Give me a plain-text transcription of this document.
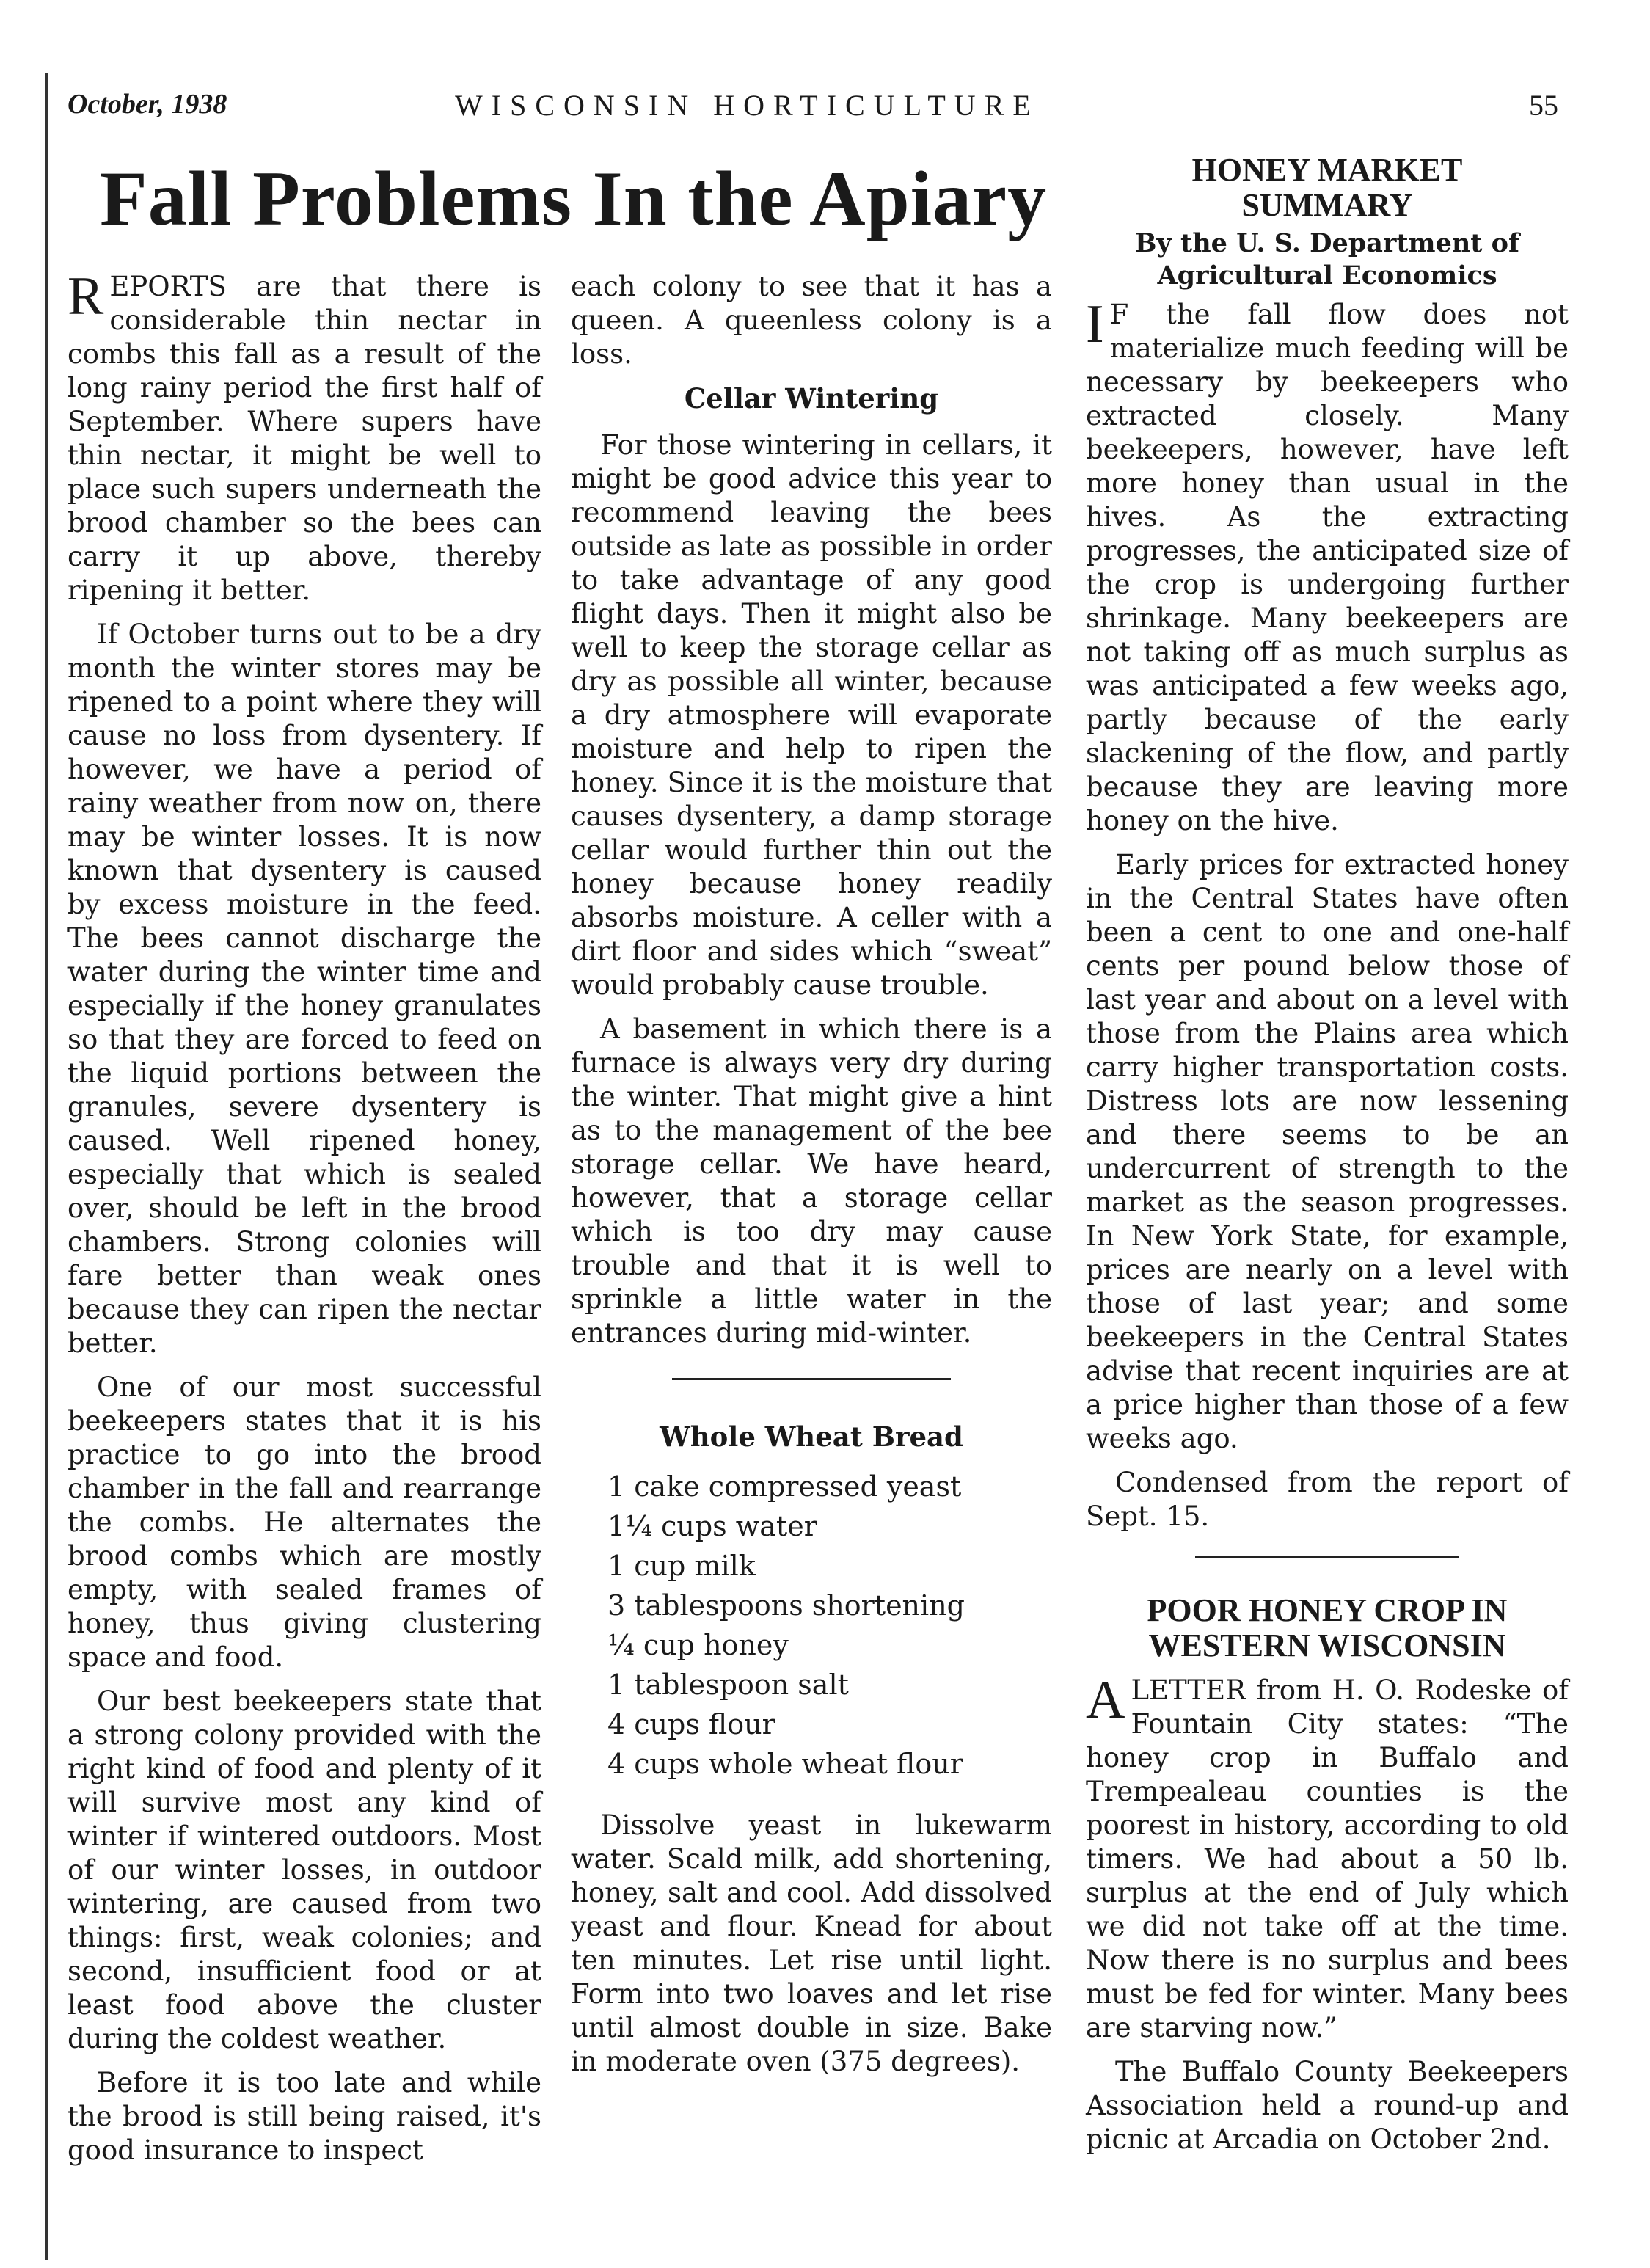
October, 1938	WISCONSIN HORTICULTURE	55
Fall Problems In the Apiary

REPORTS are that there is considerable thin nectar in combs this fall as a result of the long rainy period the first half of September. Where supers have thin nectar, it might be well to place such supers underneath the brood chamber so the bees can carry it up above, thereby ripening it better.

If October turns out to be a dry month the winter stores may be ripened to a point where they will cause no loss from dysentery. If however, we have a period of rainy weather from now on, there may be winter losses. It is now known that dysentery is caused by excess moisture in the feed. The bees cannot discharge the water during the winter time and especially if the honey granulates so that they are forced to feed on the liquid portions between the granules, severe dysentery is caused. Well ripened honey, especially that which is sealed over, should be left in the brood chambers. Strong colonies will fare better than weak ones because they can ripen the nectar better.

One of our most successful beekeepers states that it is his practice to go into the brood chamber in the fall and rearrange the combs. He alternates the brood combs which are mostly empty, with sealed frames of honey, thus giving clustering space and food.

Our best beekeepers state that a strong colony provided with the right kind of food and plenty of it will survive most any kind of winter if wintered outdoors. Most of our winter losses, in outdoor wintering, are caused from two things: first, weak colonies; and second, insufficient food or at least food above the cluster during the coldest weather.

Before it is too late and while the brood is still being raised, it's good insurance to inspect

each colony to see that it has a queen. A queenless colony is a loss.

Cellar Wintering

For those wintering in cellars, it might be good advice this year to recommend leaving the bees outside as late as possible in order to take advantage of any good flight days. Then it might also be well to keep the storage cellar as dry as possible all winter, because a dry atmosphere will evaporate moisture and help to ripen the honey. Since it is the moisture that causes dysentery, a damp storage cellar would further thin out the honey because honey readily absorbs moisture. A celler with a dirt floor and sides which “sweat” would probably cause trouble.

A basement in which there is a furnace is always very dry during the winter. That might give a hint as to the management of the bee storage cellar. We have heard, however, that a storage cellar which is too dry may cause trouble and that it is well to sprinkle a little water in the entrances during mid-winter.

Whole Wheat Bread
1 cake compressed yeast
1¼ cups water
1 cup milk
3 tablespoons shortening
¼ cup honey
1 tablespoon salt
4 cups flour
4 cups whole wheat flour

Dissolve yeast in lukewarm water. Scald milk, add shortening, honey, salt and cool. Add dissolved yeast and flour. Knead for about ten minutes. Let rise until light. Form into two loaves and let rise until almost double in size. Bake in moderate oven (375 degrees).

HONEY MARKET
SUMMARY
By the U. S. Department of
Agricultural Economics

I F the fall flow does not materialize much feeding will be necessary by beekeepers who extracted closely. Many beekeepers, however, have left more honey than usual in the hives. As the extracting progresses, the anticipated size of the crop is undergoing further shrinkage. Many beekeepers are not taking off as much surplus as was anticipated a few weeks ago, partly because of the early slackening of the flow, and partly because they are leaving more honey on the hive.

Early prices for extracted honey in the Central States have often been a cent to one and one-half cents per pound below those of last year and about on a level with those from the Plains area which carry higher transportation costs. Distress lots are now lessening and there seems to be an undercurrent of strength to the market as the season progresses. In New York State, for example, prices are nearly on a level with those of last year; and some beekeepers in the Central States advise that recent inquiries are at a price higher than those of a few weeks ago.

Condensed from the report of Sept. 15.

POOR HONEY CROP IN
WESTERN WISCONSIN

ALETTER from H. O. Rodeske of Fountain City states: “The honey crop in Buffalo and Trempealeau counties is the poorest in history, according to old timers. We had about a 50 lb. surplus at the end of July which we did not take off at the time. Now there is no surplus and bees must be fed for winter. Many bees are starving now.”

The Buffalo County Beekeepers Association held a round-up and picnic at Arcadia on October 2nd.
